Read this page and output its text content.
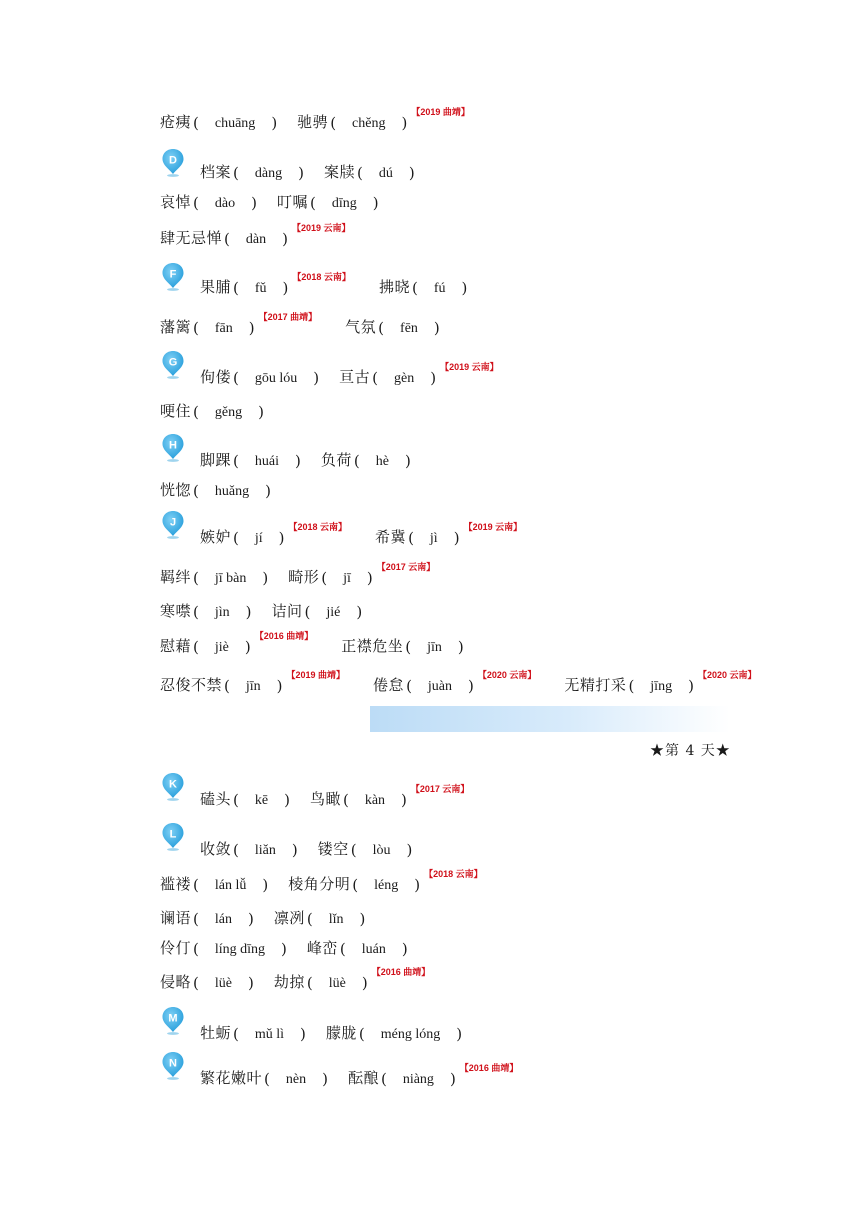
疮痍 (	chuāng	) 驰骋 (	chěng	)
【2019 曲靖】
D
档案 (	dàng	) 案牍 (	dú	)
哀悼 (	dào	) 叮嘱 (	dīng	)
肆无忌惮 (	dàn	)
【2019 云南】
F
果脯 (	fǔ	)
【2018 云南】
拂晓 (	fú	)
藩篱 (	fān	)
【2017 曲靖】
气氛 (	fēn	)
G
佝偻 (	gōu lóu	) 亘古 (	gèn	)
【2019 云南】
哽住 (	gěng	)
H
脚踝 (	huái	) 负荷 (	hè	)
恍惚 (	huǎng	)
J
嫉妒 (	jí	)
【2018 云南】
希冀 (	jì	)
【2019 云南】
羁绊 (	jī bàn	) 畸形 (	jī	)
【2017 云南】
寒噤 (	jìn	) 诘问 (	jié	)
慰藉 (	jiè	)
【2016 曲靖】
正襟危坐 (	jīn	)
忍俊不禁 (	jīn	)
【2019 曲靖】
倦怠 (	juàn	)
【2020 云南】
无精打采 (	jīng	)
【2020 云南】
K
磕头 (	kē	) 鸟瞰 (	kàn	)
【2017 云南】
L
收敛 (	liǎn	) 镂空 (	lòu	)
褴褛 (	lán lǚ	) 棱角分明 (	léng	)
【2018 云南】
谰语 (	lán	) 凛冽 (	lǐn	)
伶仃 (	líng dīng	) 峰峦 (	luán	)
侵略 (	lüè	) 劫掠 (	lüè	)
【2016 曲靖】
M
牡蛎 (	mǔ lì	) 朦胧 (	méng lóng	)
N
繁花嫩叶 (	nèn	) 酝酿 (	niàng	)
【2016 曲靖】
★第 4 天★
